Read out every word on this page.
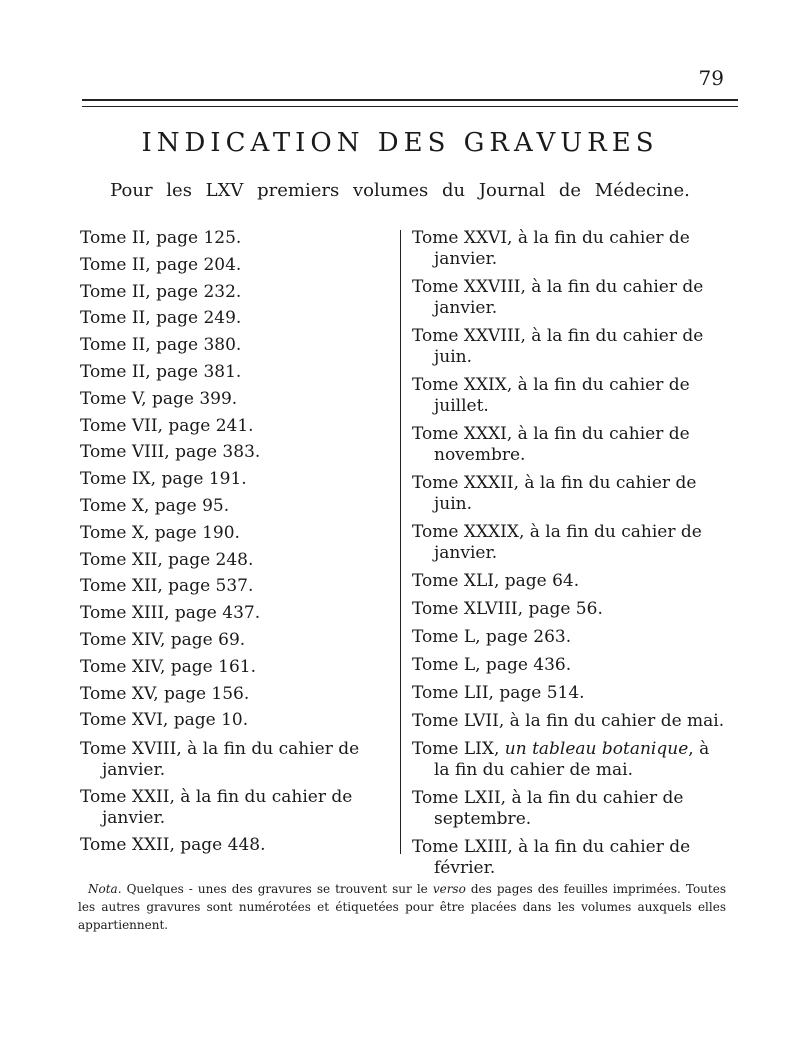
79
INDICATION DES GRAVURES
Pour les LXV premiers volumes du Journal de Médecine.

Tome II, page 125.

Tome II, page 204.

Tome II, page 232.

Tome II, page 249.

Tome II, page 380.

Tome II, page 381.

Tome V, page 399.

Tome VII, page 241.

Tome VIII, page 383.

Tome IX, page 191.

Tome X, page 95.

Tome X, page 190.

Tome XII, page 248.

Tome XII, page 537.

Tome XIII, page 437.

Tome XIV, page 69.

Tome XIV, page 161.

Tome XV, page 156.

Tome XVI, page 10.

Tome XVIII, à la fin du cahier de janvier.

Tome XXII, à la fin du cahier de janvier.

Tome XXII, page 448.

Tome XXVI, à la fin du cahier de janvier.

Tome XXVIII, à la fin du cahier de janvier.

Tome XXVIII, à la fin du cahier de juin.

Tome XXIX, à la fin du cahier de juillet.

Tome XXXI, à la fin du cahier de novembre.

Tome XXXII, à la fin du cahier de juin.

Tome XXXIX, à la fin du cahier de janvier.

Tome XLI, page 64.

Tome XLVIII, page 56.

Tome L, page 263.

Tome L, page 436.

Tome LII, page 514.

Tome LVII, à la fin du cahier de mai.

Tome LIX, un tableau botanique, à la fin du cahier de mai.

Tome LXII, à la fin du cahier de septembre.

Tome LXIII, à la fin du cahier de février.

Nota. Quelques - unes des gravures se trouvent sur le verso des pages des feuilles imprimées. Toutes les autres gravures sont numérotées et étiquetées pour être placées dans les volumes auxquels elles appartiennent.
